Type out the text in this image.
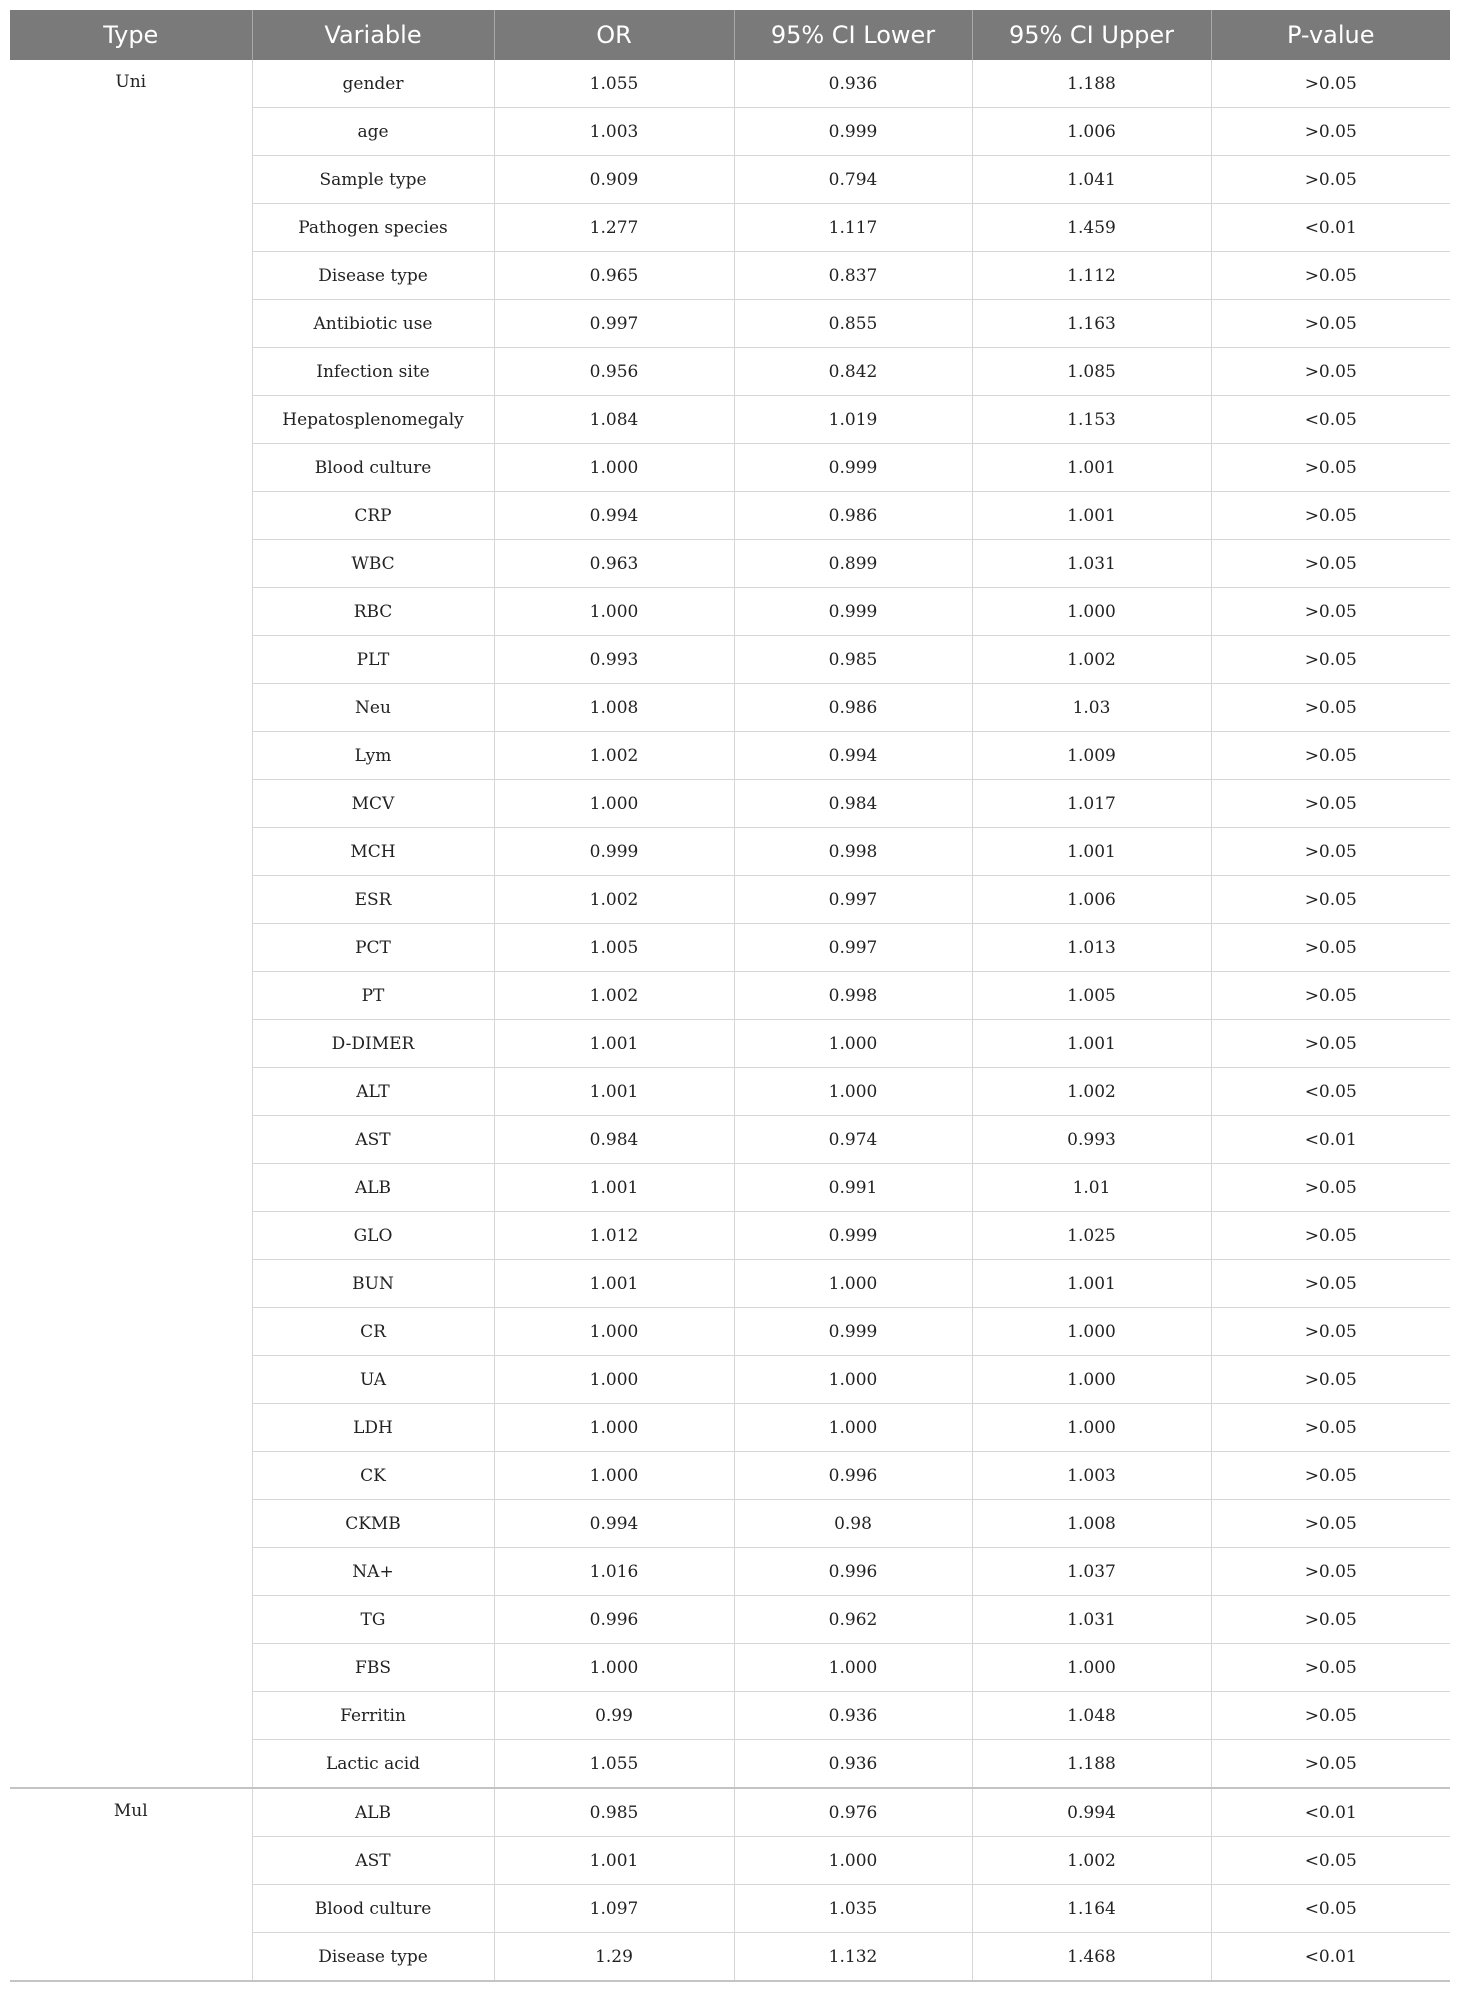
Type	Variable	OR	95% CI Lower	95% CI Upper	P-value
Uni	gender	1.055	0.936	1.188	>0.05
	age	1.003	0.999	1.006	>0.05
	Sample type	0.909	0.794	1.041	>0.05
	Pathogen species	1.277	1.117	1.459	<0.01
	Disease type	0.965	0.837	1.112	>0.05
	Antibiotic use	0.997	0.855	1.163	>0.05
	Infection site	0.956	0.842	1.085	>0.05
	Hepatosplenomegaly	1.084	1.019	1.153	<0.05
	Blood culture	1.000	0.999	1.001	>0.05
	CRP	0.994	0.986	1.001	>0.05
	WBC	0.963	0.899	1.031	>0.05
	RBC	1.000	0.999	1.000	>0.05
	PLT	0.993	0.985	1.002	>0.05
	Neu	1.008	0.986	1.03	>0.05
	Lym	1.002	0.994	1.009	>0.05
	MCV	1.000	0.984	1.017	>0.05
	MCH	0.999	0.998	1.001	>0.05
	ESR	1.002	0.997	1.006	>0.05
	PCT	1.005	0.997	1.013	>0.05
	PT	1.002	0.998	1.005	>0.05
	D-DIMER	1.001	1.000	1.001	>0.05
	ALT	1.001	1.000	1.002	<0.05
	AST	0.984	0.974	0.993	<0.01
	ALB	1.001	0.991	1.01	>0.05
	GLO	1.012	0.999	1.025	>0.05
	BUN	1.001	1.000	1.001	>0.05
	CR	1.000	0.999	1.000	>0.05
	UA	1.000	1.000	1.000	>0.05
	LDH	1.000	1.000	1.000	>0.05
	CK	1.000	0.996	1.003	>0.05
	CKMB	0.994	0.98	1.008	>0.05
	NA+	1.016	0.996	1.037	>0.05
	TG	0.996	0.962	1.031	>0.05
	FBS	1.000	1.000	1.000	>0.05
	Ferritin	0.99	0.936	1.048	>0.05
	Lactic acid	1.055	0.936	1.188	>0.05
Mul	ALB	0.985	0.976	0.994	<0.01
	AST	1.001	1.000	1.002	<0.05
	Blood culture	1.097	1.035	1.164	<0.05
	Disease type	1.29	1.132	1.468	<0.01
